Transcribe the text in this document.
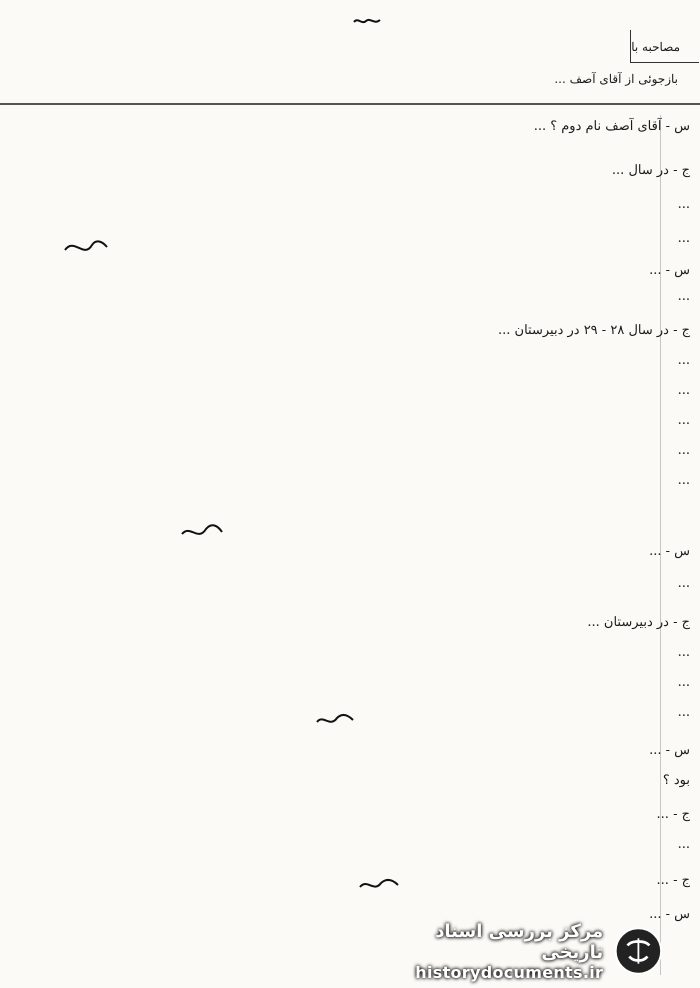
مصاحبه با
بازجوئی از آقای آصف ...
س - آقای آصف نام دوم ؟ ...
ج - در سال ...
...
...
س - ...
...
ج - در سال ۲۸ - ۲۹ در دبیرستان ...
...
...
...
...
...
س - ...
...
ج - در دبیرستان ...
...
...
...
س - ...
بود ؟
ج - ...
...
ج - ...
س - ...
مرکز بررسی اسناد تاریخی
historydocuments.ir
